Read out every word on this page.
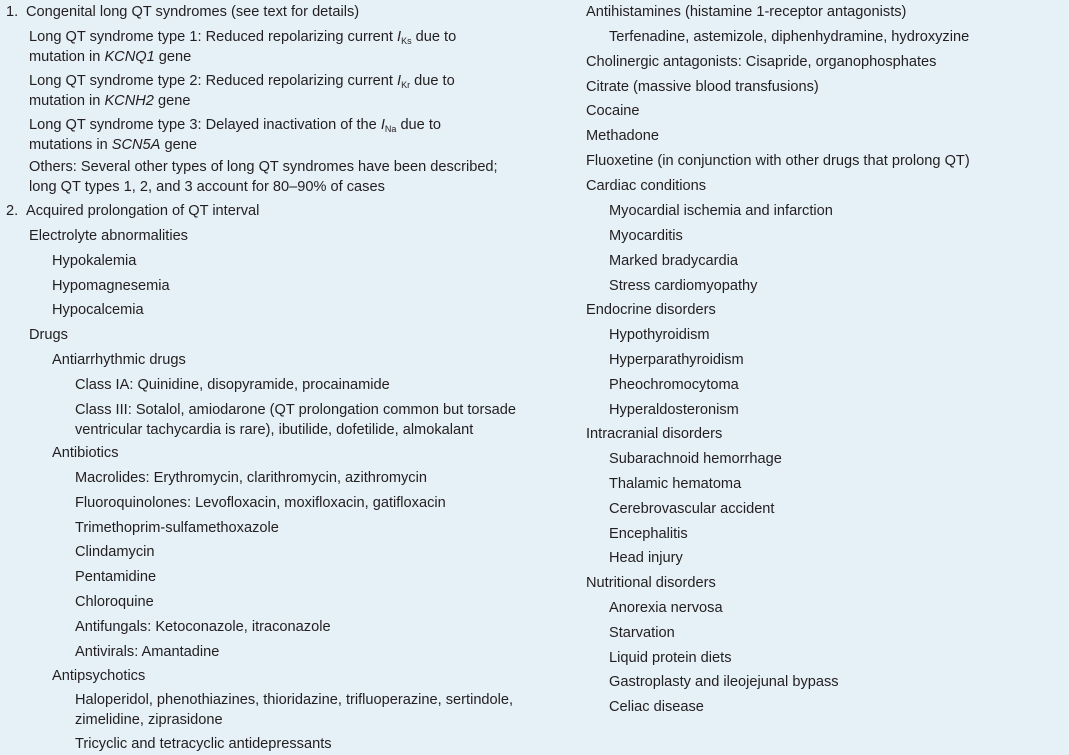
1. Congenital long QT syndromes (see text for details)
Long QT syndrome type 1: Reduced repolarizing current $I_{Ks}$ due to
mutation in KCNQ1 gene
Long QT syndrome type 2: Reduced repolarizing current $I_{Kr}$ due to
mutation in KCNH2 gene
Long QT syndrome type 3: Delayed inactivation of the $I_{Na}$ due to
mutations in SCN5A gene
Others: Several other types of long QT syndromes have been described;
long QT types 1, 2, and 3 account for 80–90% of cases
2. Acquired prolongation of QT interval
Electrolyte abnormalities
Hypokalemia
Hypomagnesemia
Hypocalcemia
Drugs
Antiarrhythmic drugs
Class IA: Quinidine, disopyramide, procainamide
Class III: Sotalol, amiodarone (QT prolongation common but torsade
ventricular tachycardia is rare), ibutilide, dofetilide, almokalant
Antibiotics
Macrolides: Erythromycin, clarithromycin, azithromycin
Fluoroquinolones: Levofloxacin, moxifloxacin, gatifloxacin
Trimethoprim-sulfamethoxazole
Clindamycin
Pentamidine
Chloroquine
Antifungals: Ketoconazole, itraconazole
Antivirals: Amantadine
Antipsychotics
Haloperidol, phenothiazines, thioridazine, trifluoperazine, sertindole,
zimelidine, ziprasidone
Tricyclic and tetracyclic antidepressants
Antihistamines (histamine 1-receptor antagonists)
Terfenadine, astemizole, diphenhydramine, hydroxyzine
Cholinergic antagonists: Cisapride, organophosphates
Citrate (massive blood transfusions)
Cocaine
Methadone
Fluoxetine (in conjunction with other drugs that prolong QT)
Cardiac conditions
Myocardial ischemia and infarction
Myocarditis
Marked bradycardia
Stress cardiomyopathy
Endocrine disorders
Hypothyroidism
Hyperparathyroidism
Pheochromocytoma
Hyperaldosteronism
Intracranial disorders
Subarachnoid hemorrhage
Thalamic hematoma
Cerebrovascular accident
Encephalitis
Head injury
Nutritional disorders
Anorexia nervosa
Starvation
Liquid protein diets
Gastroplasty and ileojejunal bypass
Celiac disease
